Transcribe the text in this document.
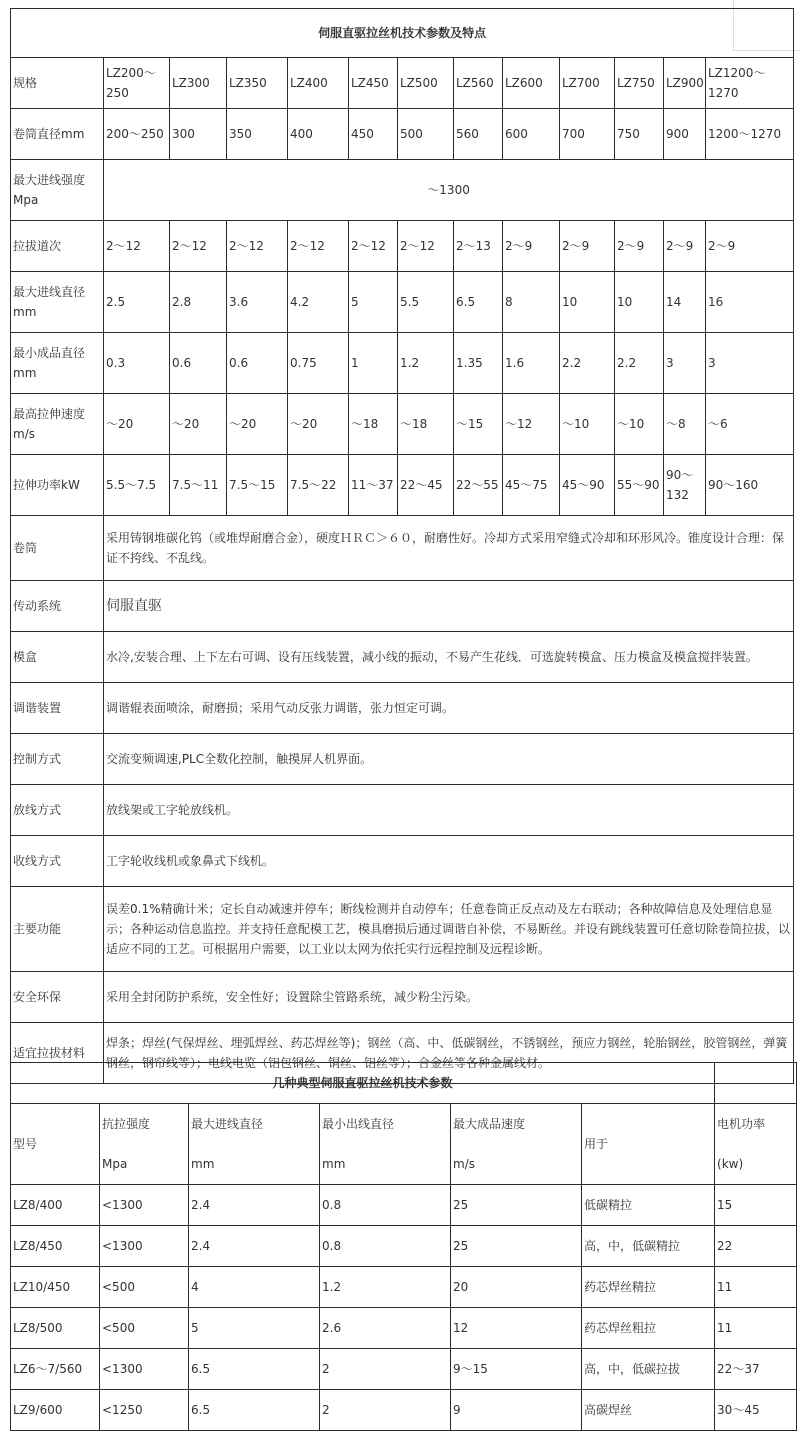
伺服直驱拉丝机技术参数及特点												
规格	LZ200～250	LZ300	LZ350	LZ400	LZ450	LZ500	LZ560	LZ600	LZ700	LZ750	LZ900	LZ1200～1270
卷筒直径mm	200～250	300	350	400	450	500	560	600	700	750	900	1200～1270
最大进线强度Mpa	～1300											
拉拔道次	2～12	2～12	2～12	2～12	2～12	2～12	2～13	2～9	2～9	2～9	2～9	2～9
最大进线直径mm	2.5	2.8	3.6	4.2	5	5.5	6.5	8	10	10	14	16
最小成品直径mm	0.3	0.6	0.6	0.75	1	1.2	1.35	1.6	2.2	2.2	3	3
最高拉伸速度m/s	～20	～20	～20	～20	～18	～18	～15	～12	～10	～10	～8	～6
拉伸功率kW	5.5～7.5	7.5～11	7.5～15	7.5～22	11～37	22～45	22～55	45～75	45～90	55～90	90～132	90～160
卷筒	采用铸钢堆碳化钨（或堆焊耐磨合金），硬度ＨＲＣ＞６０，耐磨性好。冷却方式采用窄缝式冷却和环形风冷。锥度设计合理：保证不挎线、不乱线。											
传动系统	伺服直驱											
模盒	水冷,安装合理、上下左右可调、设有压线装置，减小线的振动，不易产生花线．可选旋转模盒、压力模盒及模盒搅拌装置。											
调谐装置	调谐辊表面喷涂，耐磨损；采用气动反张力调谐，张力恒定可调。											
控制方式	交流变频调速,PLC全数化控制，触摸屏人机界面。											
放线方式	放线架或工字轮放线机。											
收线方式	工字轮收线机或象鼻式下线机。											
主要功能	误差0.1%精确计米；定长自动减速并停车；断线检测并自动停车；任意卷筒正反点动及左右联动；各种故障信息及处理信息显示；各种运动信息监控。并支持任意配模工艺，模具磨损后通过调谐自补偿，不易断丝。并设有跳线装置可任意切除卷筒拉拔，以适应不同的工艺。可根据用户需要，以工业以太网为依托实行远程控制及远程诊断。											
安全环保	采用全封闭防护系统，安全性好；设置除尘管路系统，减少粉尘污染。											
适宜拉拔材料	焊条；焊丝(气保焊丝、埋弧焊丝、药芯焊丝等)；钢丝（高、中、低碳钢丝，不锈钢丝，预应力钢丝，轮胎钢丝，胶管钢丝，弹簧钢丝，钢帘线等）；电线电览（铝包钢丝、铜丝、铝丝等）；合金丝等各种金属线材。											
几种典型伺服直驱拉丝机技术参数						
型号	抗拉强度	最大进线直径	最小出线直径	最大成品速度	用于	电机功率
	Mpa	mm	mm	m/s		(kw)
LZ8/400	<1300	2.4	0.8	25	低碳精拉	15
LZ8/450	<1300	2.4	0.8	25	高，中，低碳精拉	22
LZ10/450	<500	4	1.2	20	药芯焊丝精拉	11
LZ8/500	<500	5	2.6	12	药芯焊丝粗拉	11
LZ6～7/560	<1300	6.5	2	9～15	高，中，低碳拉拔	22～37
LZ9/600	<1250	6.5	2	9	高碳焊丝	30～45
